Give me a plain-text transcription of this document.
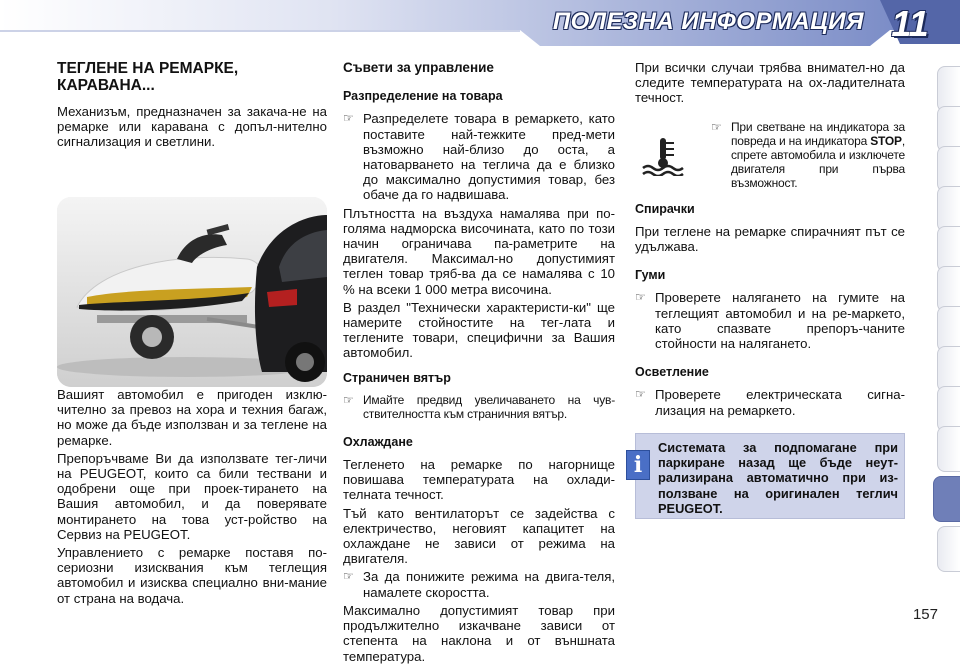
ПОЛЕЗНА ИНФОРМАЦИЯ 11
ТЕГЛЕНЕ НА РЕМАРКЕ, КАРАВАНА...

Механизъм, предназначен за закача-не на ремарке или каравана с допъл-нително сигнализация и светлини.

Вашият автомобил е пригоден изклю-чително за превоз на хора и техния багаж, но може да бъде използван и за теглене на ремарке.

Препоръчваме Ви да използвате тег-личи на PEUGEOT, които са били тествани и одобрени още при проек-тирането на Вашия автомобил, и да поверявате монтирането на това уст-ройство на Сервиз на PEUGEOT.

Управлението с ремарке поставя по-сериозни изисквания към теглещия автомобил и изисква специално вни-мание от страна на водача.

Съвети за управление
Разпределение на товара
☞ Разпределете товара в ремаркето, като поставите най-тежките пред-мети възможно най-близо до оста, а натоварването на теглича да е близко до максимално допустимия товар, без обаче да го надвишава.

Плътността на въздуха намалява при по-голяма надморска височината, като по този начин ограничава па-раметрите на двигателя. Максимал-но допустимият теглен товар тряб-ва да се намалява с 10 % на всеки 1 000 метра височина.

В раздел "Технически характеристи-ки" ще намерите стойностите на тег-лата и теглените товари, специфични за Вашия автомобил.

Страничен вятър
☞ Имайте предвид увеличаването на чув-ствителността към страничния вятър.
Охлаждане

Тегленето на ремарке по нагорнище повишава температурата на охлади-телната течност.

Тъй като вентилаторът се задейства с електричество, неговият капацитет на охлаждане не зависи от режима на двигателя.

☞ За да понижите режима на двига-теля, намалете скоростта.

Максимално допустимият товар при продължително изкачване зависи от степента на наклона и от външната температура.

При всички случаи трябва внимател-но да следите температурата на ох-ладителната течност.

☞ При светване на индикатора за повреда и на индикатора STOP, спрете автомобила и изключете двигателя при първа възможност.
Спирачки

При теглене на ремарке спирачният път се удължава.

Гуми
☞ Проверете налягането на гумите на теглещият автомобил и на ре-маркето, като спазвате препоръ-чаните стойности на налягането.
Осветление
☞ Проверете електрическата сигна-лизация на ремаркето.
i
Системата за подпомагане при паркиране назад ще бъде неут-рализирана автоматично при из-ползване на оригинален теглич PEUGEOT.
157
